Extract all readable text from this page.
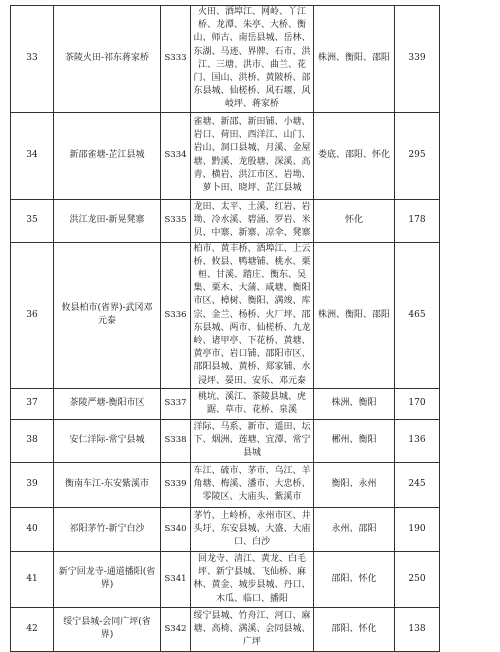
33	茶陵火田-祁东蒋家桥	S333	火田、酒埠江、网岭、丫江桥、龙潭、朱亭、大桥、衡山、师古、南岳县城、岳林、东湖、马迹、界牌、石市、洪江、三塘、洪市、曲兰、花门、国山、洪桥、黄陂桥、部东县城、仙槎桥、风石堰、风岐坪、蒋家桥	株洲、衡阳、邵阳	339
34	新邵雀塘-芷江县城	S334	雀塘、新邵、新田铺、小塘、岩口、荷田、西洋江、山门、岩山、洞口县城、月溪、金屋塘、黔溪、龙殷塘、深溪、高青、横岩、洪江市区、岩坳、萝卜田、晓坪、芷江县城	娄底、邵阳、怀化	295
35	洪江龙田-新晃凳寨	S335	龙田、太平、土溪、红岩、岩坳、冷水溪、碧涌、罗岩、米贝、中寨、新寨、凉伞、凳寨	怀化	178
36	攸县柏市(省界)-武冈邓元泰	S336	柏市、黄丰桥、酒埠江、上云桥、攸县、鸭塘铺、桃水、栗桓、甘溪、踏庄、衡东、吴集、栗木、大蒲、咸塘、衡阳市区、樟树、衡阳、满竣、库宗、金兰、杨桥、火厂坪、邵东县城、两市、仙槎桥、九龙岭、诸甲亭、下花桥、黄塘、黄亭市、岩口铺、邵阳市区、邵阳县城、黄桥、郑家铺、水浸坪、晏田、安乐、邓元泰	株洲、衡阳、邵阳	465
37	茶陵严塘-衡阳市区	S337	桃坑、溪江、茶陵县城、虎踞、草市、花桥、泉溪	株洲、衡阳	170
38	安仁洋际-常宁县城	S338	洋际、马系、新市、遥田、坛下、烟洲、莲塘、宜潭、常宁县城	郴州、衡阳	136
39	衡南车江-东安紫溪市	S339	车江、硫市、茅市、乌江、羊角塘、梅溪、潘市、大忠桥、零陵区、大庙头、紫溪市	衡阳、永州	245
40	祁阳茅竹-新宁白沙	S340	茅竹、上岭桥、永州市区、井头圩、东安县城、大盛、大庙口、白沙	永州、邵阳	190
41	新宁回龙寺-通道播阳(省界)	S341	回龙寺、清江、黄龙、白毛坪、新宁县城、飞仙桥、麻林、黄金、城步县城、丹口、木瓜、临口、播阳	邵阳、怀化	250
42	绥宁县城-会同广坪(省界)	S342	绥宁县城、竹舟江、河口、麻塘、高椅、满溪、会同县城、广坪	邵阳、怀化	138
